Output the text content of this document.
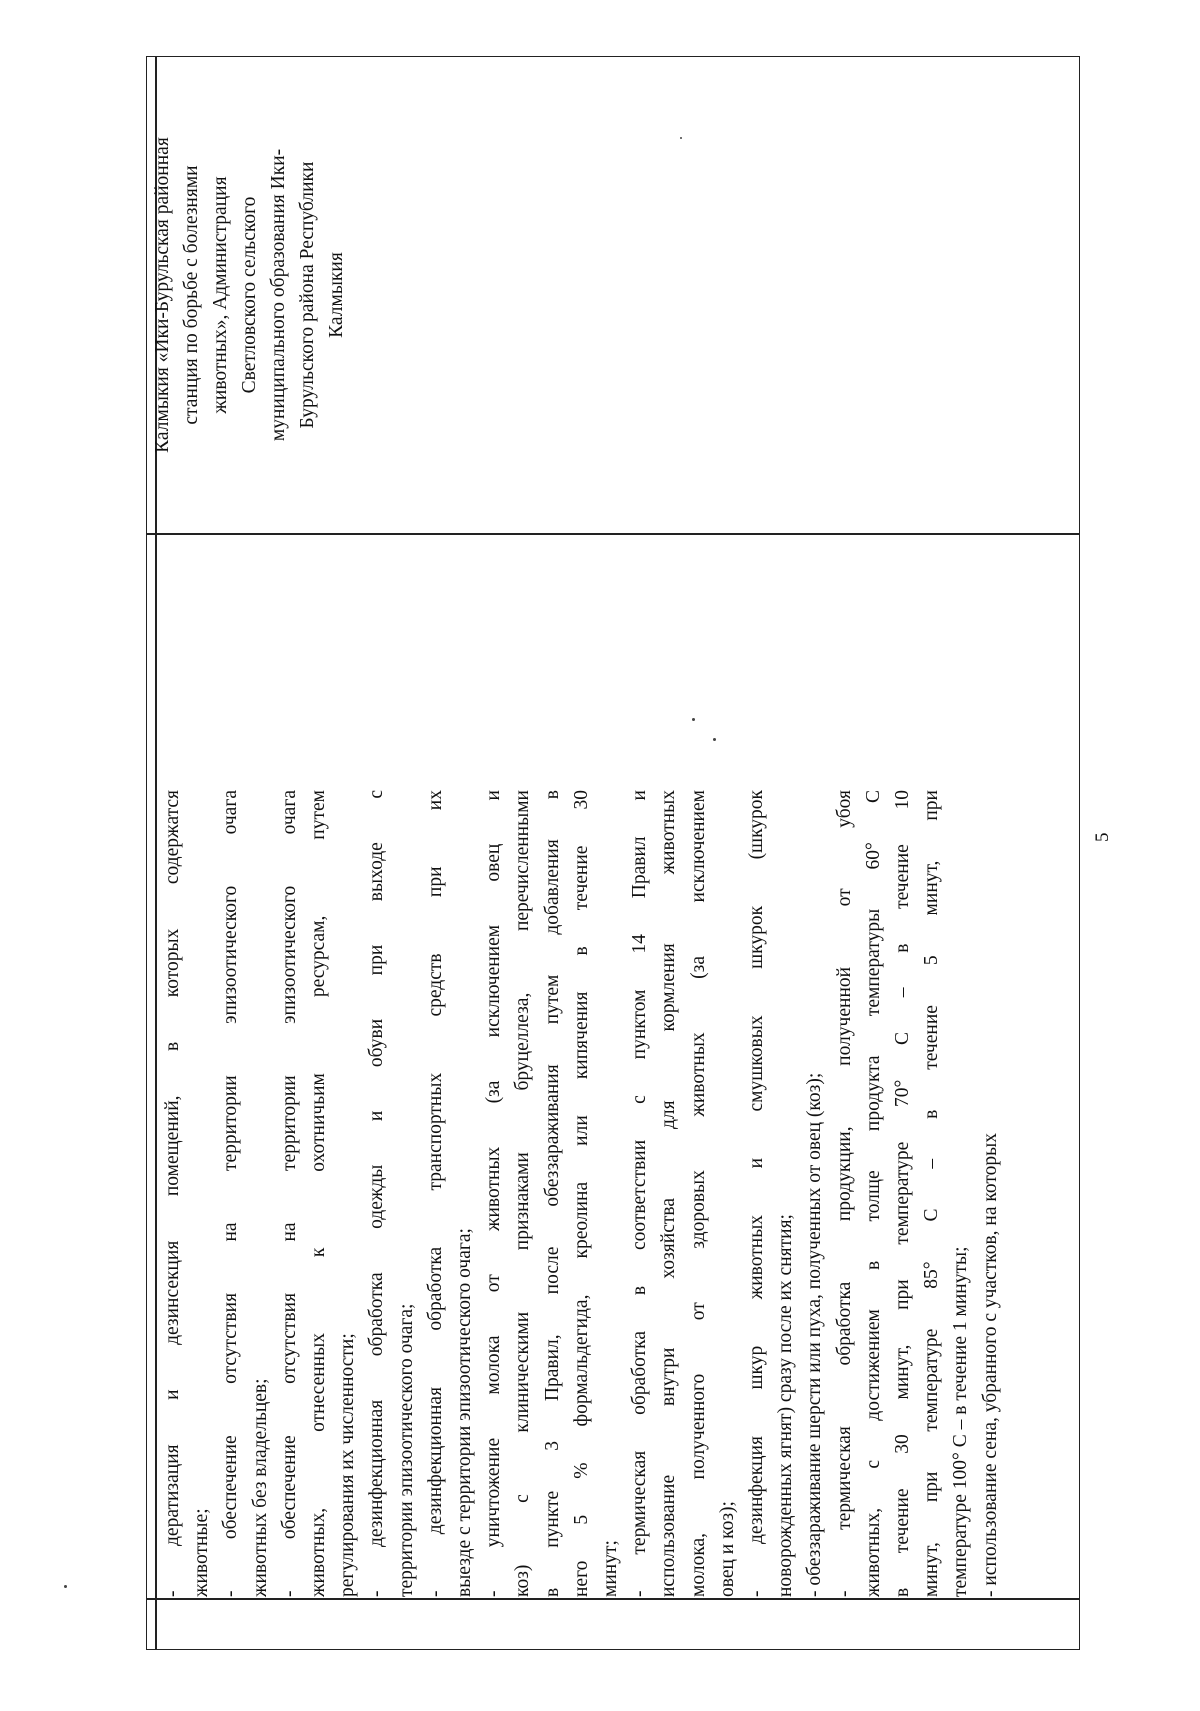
- дератизация и дезинсекция помещений, в которых содержатся животные; - обеспечение отсутствия на территории эпизоотического очага животных без владельцев; - обеспечение отсутствия на территории эпизоотического очага животных, отнесенных к охотничьим ресурсам, путем регулирования их численности; - дезинфекционная обработка одежды и обуви при выходе с территории эпизоотического очага; - дезинфекционная обработка транспортных средств при их выезде с территории эпизоотического очага; - уничтожение молока от животных (за исключением овец и коз) с клиническими признаками бруцеллеза, перечисленными в пункте 3 Правил, после обеззараживания путем добавления в него 5 % формальдегида, креолина или кипячения в течение 30 минут; - термическая обработка в соответствии с пунктом 14 Правил и использование внутри хозяйства для кормления животных молока, полученного от здоровых животных (за исключением овец и коз); - дезинфекция шкур животных и смушковых шкурок (шкурок новорожденных ягнят) сразу после их снятия; - обеззараживание шерсти или пуха, полученных от овец (коз); - термическая обработка продукции, полученной от убоя животных, с достижением в толще продукта температуры 60° С в течение 30 минут, при температуре 70° С – в течение 10 минут, при температуре 85° С – в течение 5 минут, при температуре 100° С – в течение 1 минуты; - использование сена, убранного с участков, на которых

Калмыкия «Ики-Бурульская районная станция по борьбе с болезнями животных», Администрация Светловского сельского муниципального образования Ики- Бурульского района Республики Калмыкия

5
